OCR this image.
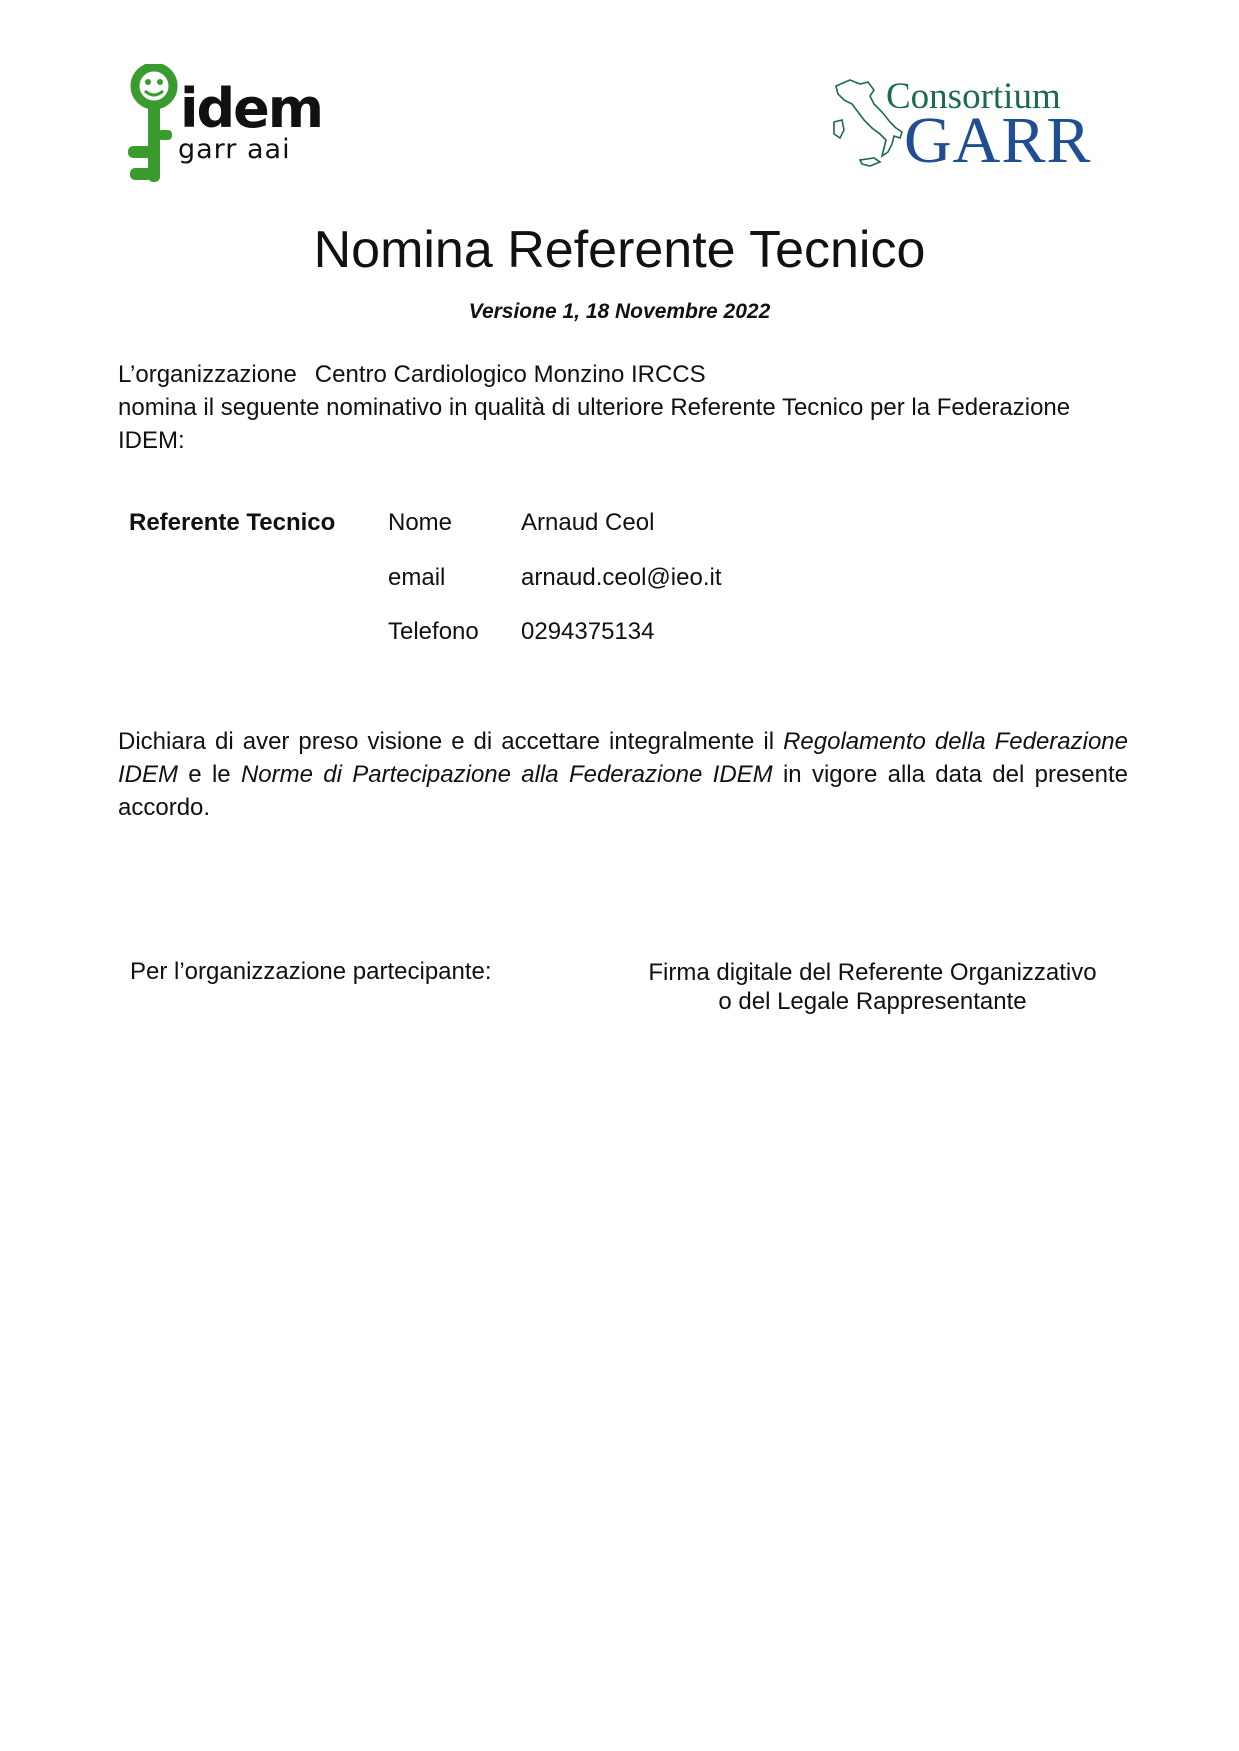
idem
garr aai
Consortium
GARR
Nomina Referente Tecnico
Versione 1, 18 Novembre 2022
L’organizzazione Centro Cardiologico Monzino IRCCS
nomina il seguente nominativo in qualità di ulteriore Referente Tecnico per la Federazione IDEM:
Referente Tecnico Nome	Arnaud Ceol
email	arnaud.ceol@ieo.it
Telefono 0294375134
Dichiara di aver preso visione e di accettare integralmente il Regolamento della Federazione IDEM e le Norme di Partecipazione alla Federazione IDEM in vigore alla data del presente accordo.
Per l’organizzazione partecipante:	Firma digitale del Referente Organizzativo
o del Legale Rappresentante
